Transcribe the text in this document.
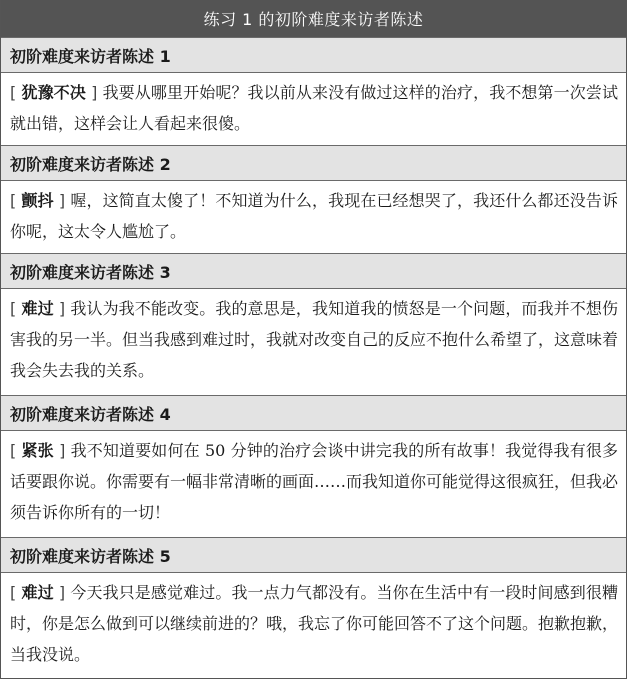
练习 1 的初阶难度来访者陈述
初阶难度来访者陈述 1
[ 犹豫不决 ] 我要从哪里开始呢？我以前从来没有做过这样的治疗，我不想第一次尝试就出错，这样会让人看起来很傻。
初阶难度来访者陈述 2
[ 颤抖 ] 喔，这简直太傻了！不知道为什么，我现在已经想哭了，我还什么都还没告诉你呢，这太令人尴尬了。
初阶难度来访者陈述 3
[ 难过 ] 我认为我不能改变。我的意思是，我知道我的愤怒是一个问题，而我并不想伤害我的另一半。但当我感到难过时，我就对改变自己的反应不抱什么希望了，这意味着我会失去我的关系。
初阶难度来访者陈述 4
[ 紧张 ] 我不知道要如何在 50 分钟的治疗会谈中讲完我的所有故事！我觉得我有很多话要跟你说。你需要有一幅非常清晰的画面……而我知道你可能觉得这很疯狂，但我必须告诉你所有的一切！
初阶难度来访者陈述 5
[ 难过 ] 今天我只是感觉难过。我一点力气都没有。当你在生活中有一段时间感到很糟时，你是怎么做到可以继续前进的？哦，我忘了你可能回答不了这个问题。抱歉抱歉，当我没说。
